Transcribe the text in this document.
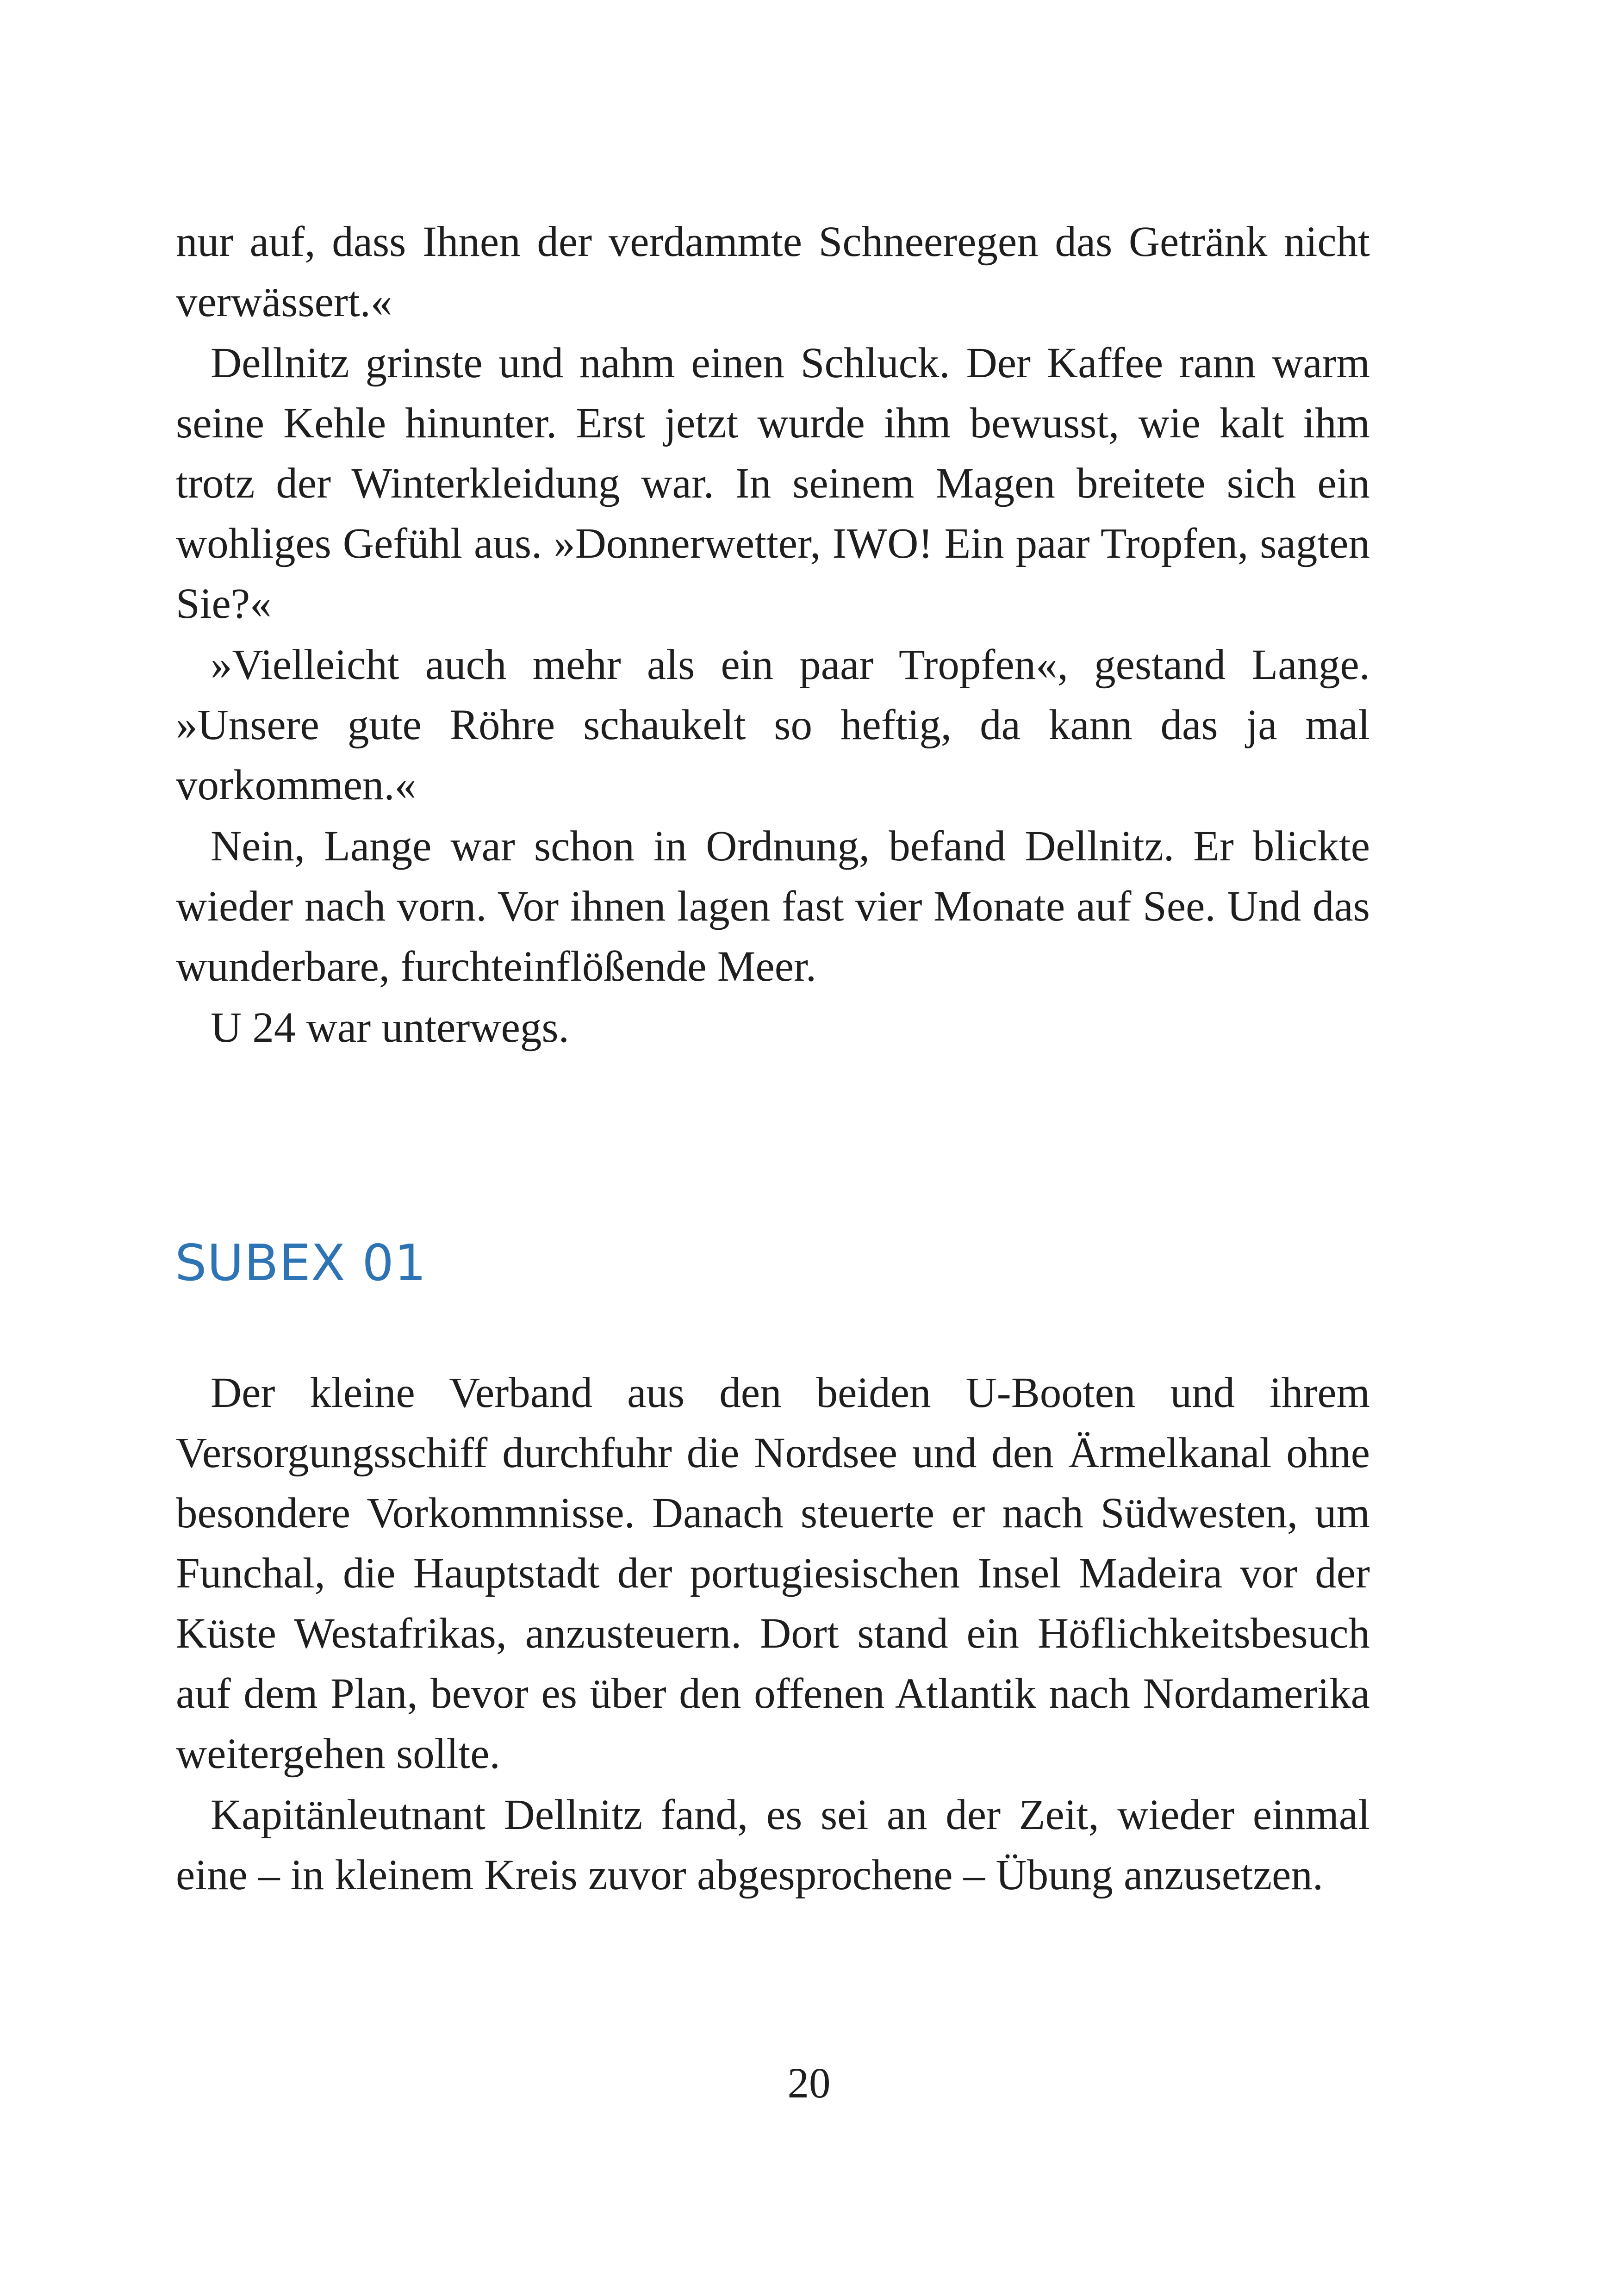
nur auf, dass Ihnen der verdammte Schneeregen das Getränk nicht verwässert.«

Dellnitz grinste und nahm einen Schluck. Der Kaffee rann warm seine Kehle hinunter. Erst jetzt wurde ihm bewusst, wie kalt ihm trotz der Winterkleidung war. In seinem Magen breitete sich ein wohliges Gefühl aus. »Donnerwetter, IWO! Ein paar Tropfen, sagten Sie?«

»Vielleicht auch mehr als ein paar Tropfen«, gestand Lange. »Unsere gute Röhre schaukelt so heftig, da kann das ja mal vorkommen.«

Nein, Lange war schon in Ordnung, befand Dellnitz. Er blickte wieder nach vorn. Vor ihnen lagen fast vier Monate auf See. Und das wunderbare, furchteinflößende Meer.

U 24 war unterwegs.

SUBEX 01

Der kleine Verband aus den beiden U-Booten und ihrem Versorgungsschiff durchfuhr die Nordsee und den Ärmelkanal ohne besondere Vorkommnisse. Danach steuerte er nach Südwesten, um Funchal, die Hauptstadt der portugiesischen Insel Madeira vor der Küste Westafrikas, anzusteuern. Dort stand ein Höflichkeitsbesuch auf dem Plan, bevor es über den offenen Atlantik nach Nordamerika weitergehen sollte.

Kapitänleutnant Dellnitz fand, es sei an der Zeit, wieder einmal eine – in kleinem Kreis zuvor abgesprochene – Übung anzusetzen.

20
